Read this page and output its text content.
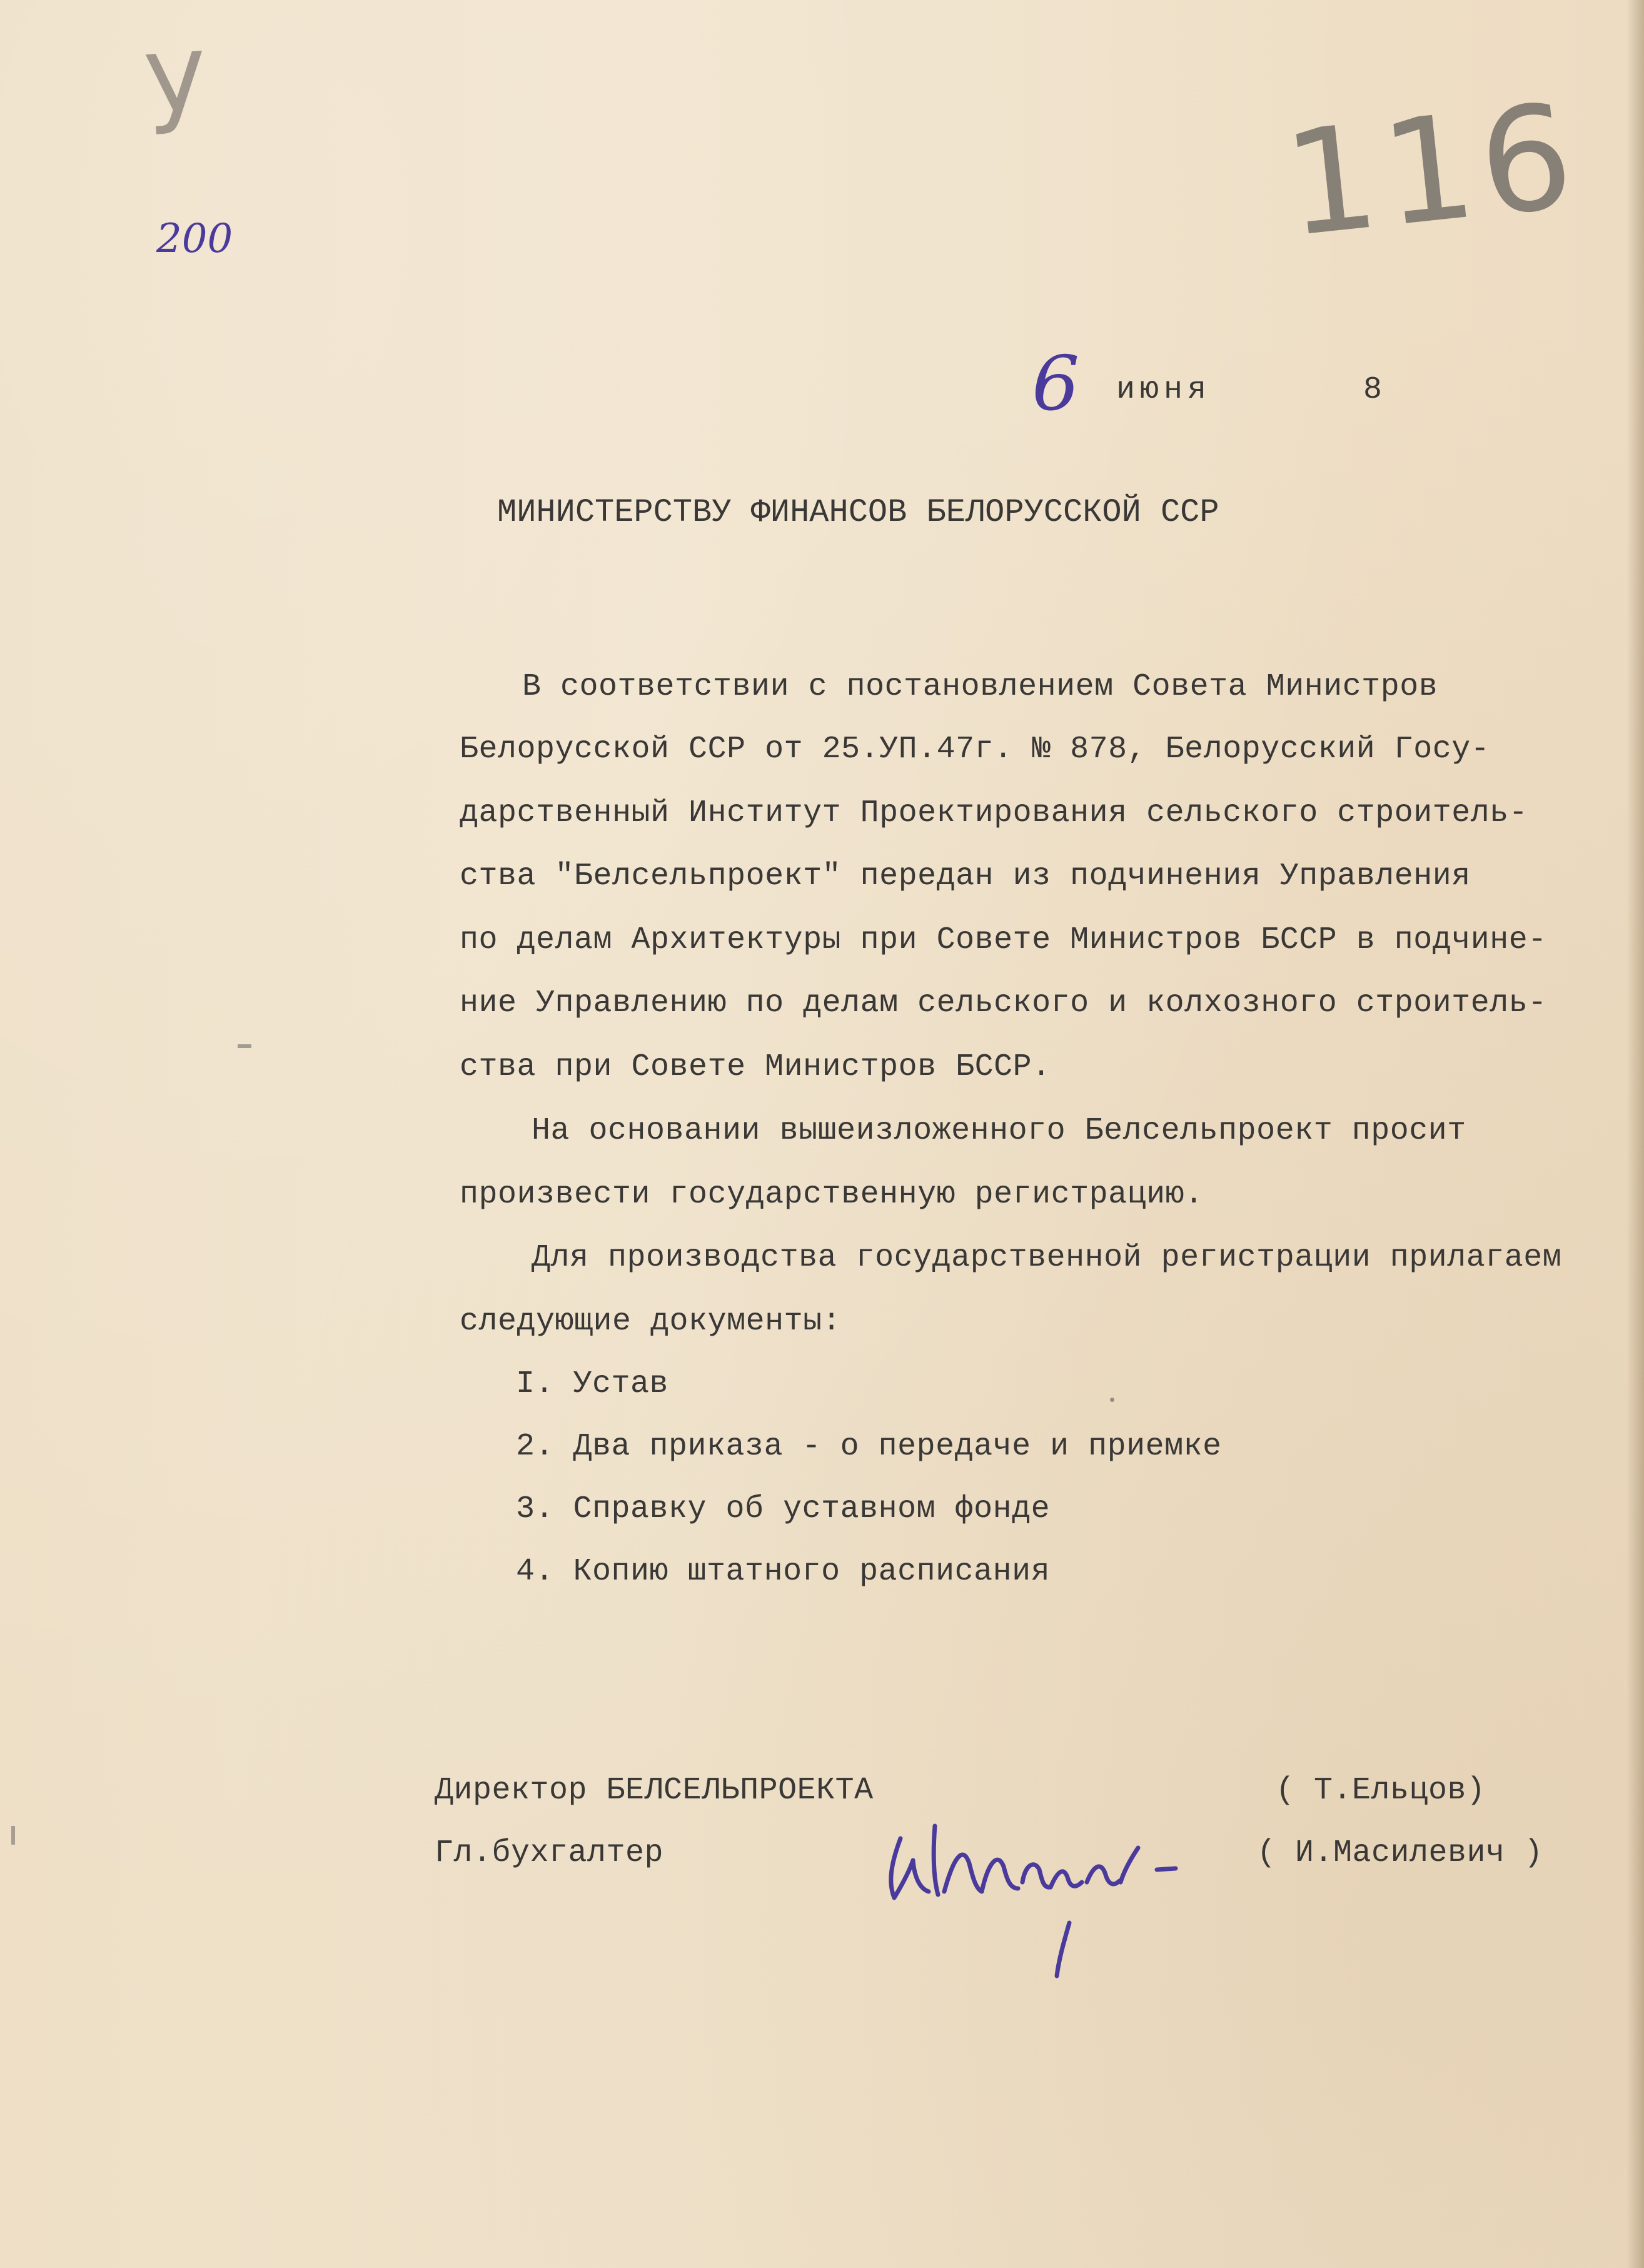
у	116
200
6 июня	8
МИНИСТЕРСТВУ ФИНАНСОВ БЕЛОРУССКОЙ ССР
В соответствии с постановлением Совета Министров
Белорусской ССР от 25.УП.47г. № 878, Белорусский Госу-
дарственный Институт Проектирования сельского строитель-
ства "Белсельпроект" передан из подчинения Управления
по делам Архитектуры при Совете Министров БССР в подчине-
ние Управлению по делам сельского и колхозного строитель-
ства при Совете Министров БССР.
На основании вышеизложенного Белсельпроект просит
произвести государственную регистрацию.
Для производства государственной регистрации прилагаем
следующие документы:
I. Устав
2. Два приказа - о передаче и приемке
3. Справку об уставном фонде
4. Копию штатного расписания
Директор БЕЛСЕЛЬПРОЕКТА	( Т.Ельцов)
Гл.бухгалтер	( И.Масилевич )
